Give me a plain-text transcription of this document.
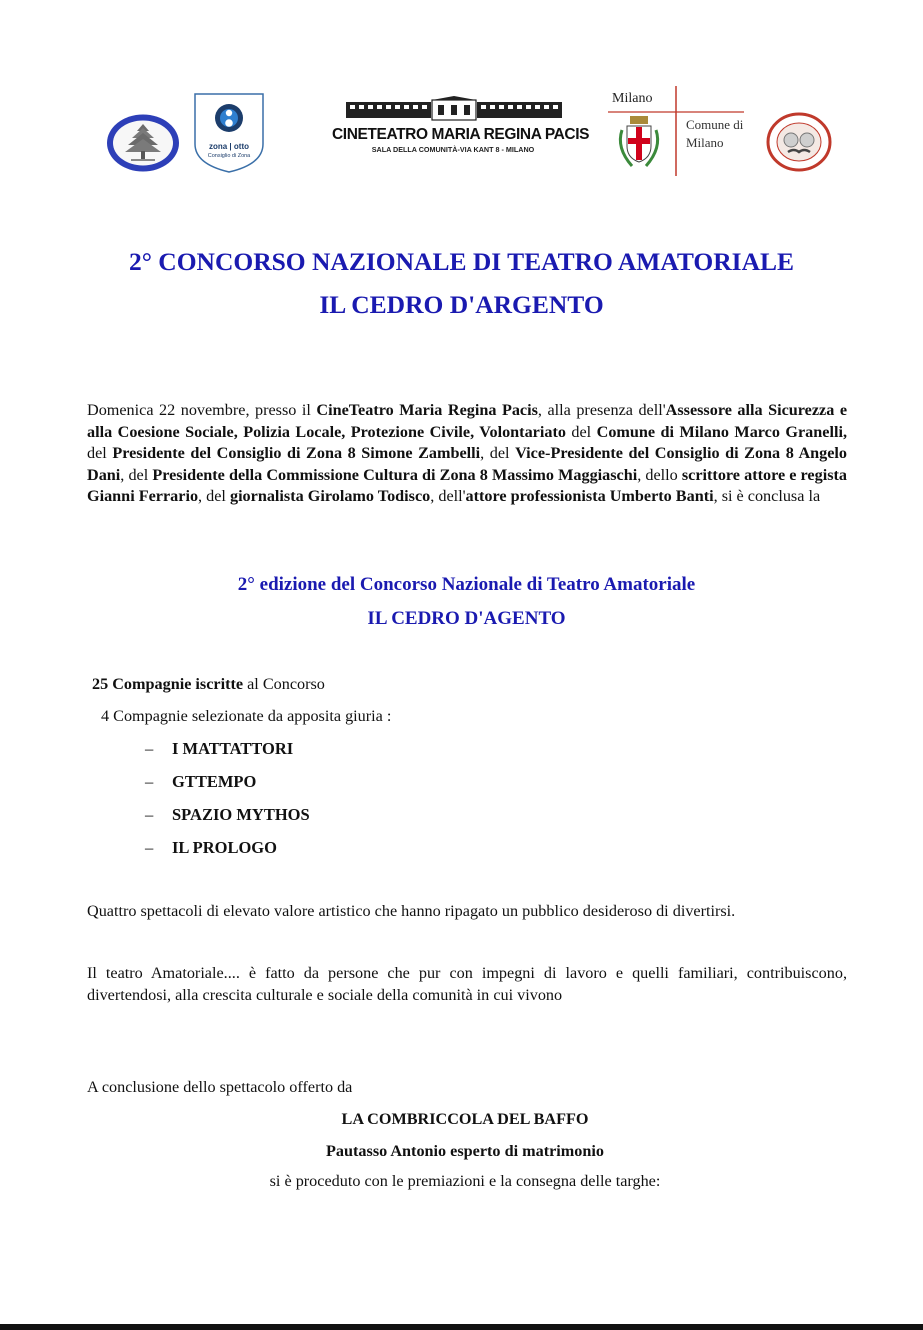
zona | otto
Consiglio di Zona
CINETEATRO MARIA REGINA PACIS
SALA DELLA COMUNITÀ-VIA KANT 8 - MILANO
Milano
Comune di Milano
2° CONCORSO NAZIONALE DI TEATRO AMATORIALE
IL CEDRO D'ARGENTO
Domenica 22 novembre, presso il CineTeatro Maria Regina Pacis, alla presenza dell'Assessore alla Sicurezza e alla Coesione Sociale, Polizia Locale, Protezione Civile, Volontariato del Comune di Milano Marco Granelli, del Presidente del Consiglio di Zona 8 Simone Zambelli, del Vice-Presidente del Consiglio di Zona 8 Angelo Dani, del Presidente della Commissione Cultura di Zona 8 Massimo Maggiaschi, dello scrittore attore e regista Gianni Ferrario, del giornalista Girolamo Todisco, dell'attore professionista Umberto Banti, si è conclusa la
2° edizione del Concorso Nazionale di Teatro Amatoriale
IL CEDRO D'AGENTO
25 Compagnie iscritte al Concorso
4 Compagnie selezionate da apposita giuria :
– I MATTATTORI
– GTTEMPO
– SPAZIO MYTHOS
– IL PROLOGO
Quattro spettacoli di elevato valore artistico che hanno ripagato un pubblico desideroso di divertirsi.
Il teatro Amatoriale.... è fatto da persone che pur con impegni di lavoro e quelli familiari, contribuiscono, divertendosi, alla crescita culturale e sociale della comunità in cui vivono
A conclusione dello spettacolo offerto da
LA COMBRICCOLA DEL BAFFO
Pautasso Antonio esperto di matrimonio
si è proceduto con le premiazioni e la consegna delle targhe:
